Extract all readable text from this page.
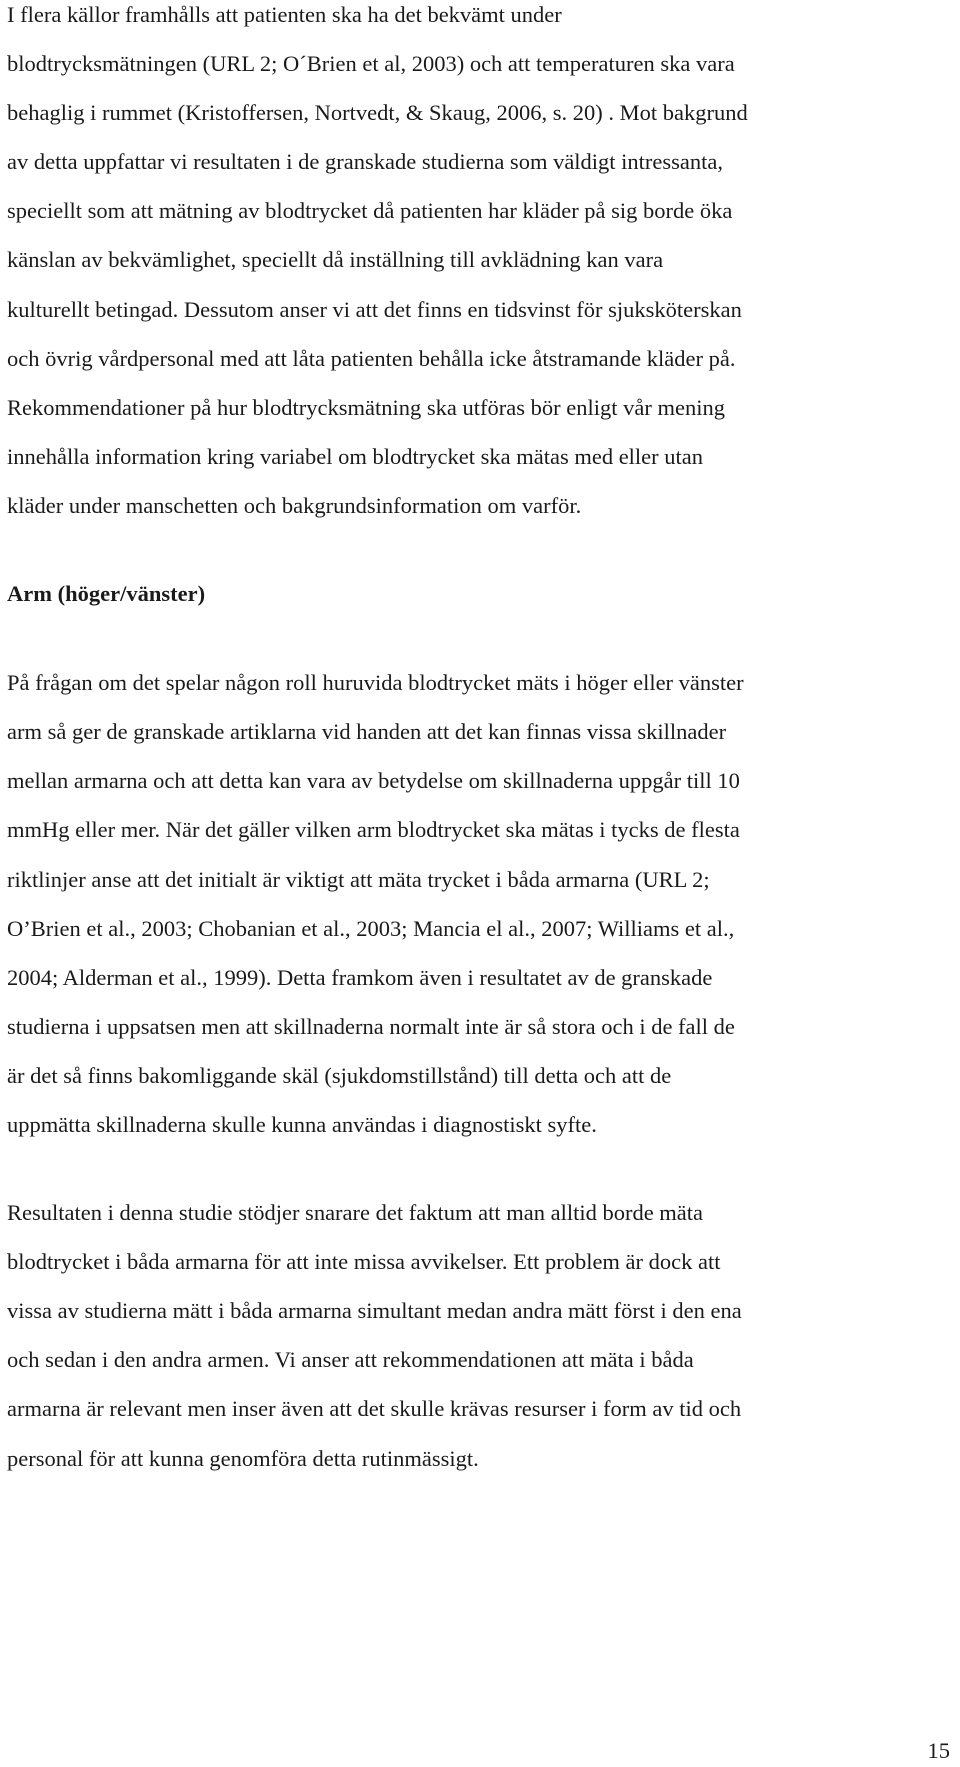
I flera källor framhålls att patienten ska ha det bekvämt under
blodtrycksmätningen (URL 2; O´Brien et al, 2003) och att temperaturen ska vara
behaglig i rummet (Kristoffersen, Nortvedt, & Skaug, 2006, s. 20) . Mot bakgrund
av detta uppfattar vi resultaten i de granskade studierna som väldigt intressanta,
speciellt som att mätning av blodtrycket då patienten har kläder på sig borde öka
känslan av bekvämlighet, speciellt då inställning till avklädning kan vara
kulturellt betingad. Dessutom anser vi att det finns en tidsvinst för sjuksköterskan
och övrig vårdpersonal med att låta patienten behålla icke åtstramande kläder på.
Rekommendationer på hur blodtrycksmätning ska utföras bör enligt vår mening
innehålla information kring variabel om blodtrycket ska mätas med eller utan
kläder under manschetten och bakgrundsinformation om varför.

Arm (höger/vänster)

På frågan om det spelar någon roll huruvida blodtrycket mäts i höger eller vänster
arm så ger de granskade artiklarna vid handen att det kan finnas vissa skillnader
mellan armarna och att detta kan vara av betydelse om skillnaderna uppgår till 10
mmHg eller mer. När det gäller vilken arm blodtrycket ska mätas i tycks de flesta
riktlinjer anse att det initialt är viktigt att mäta trycket i båda armarna (URL 2;
O’Brien et al., 2003; Chobanian et al., 2003; Mancia el al., 2007; Williams et al.,
2004; Alderman et al., 1999). Detta framkom även i resultatet av de granskade
studierna i uppsatsen men att skillnaderna normalt inte är så stora och i de fall de
är det så finns bakomliggande skäl (sjukdomstillstånd) till detta och att de
uppmätta skillnaderna skulle kunna användas i diagnostiskt syfte.

Resultaten i denna studie stödjer snarare det faktum att man alltid borde mäta
blodtrycket i båda armarna för att inte missa avvikelser. Ett problem är dock att
vissa av studierna mätt i båda armarna simultant medan andra mätt först i den ena
och sedan i den andra armen. Vi anser att rekommendationen att mäta i båda
armarna är relevant men inser även att det skulle krävas resurser i form av tid och
personal för att kunna genomföra detta rutinmässigt.

15
